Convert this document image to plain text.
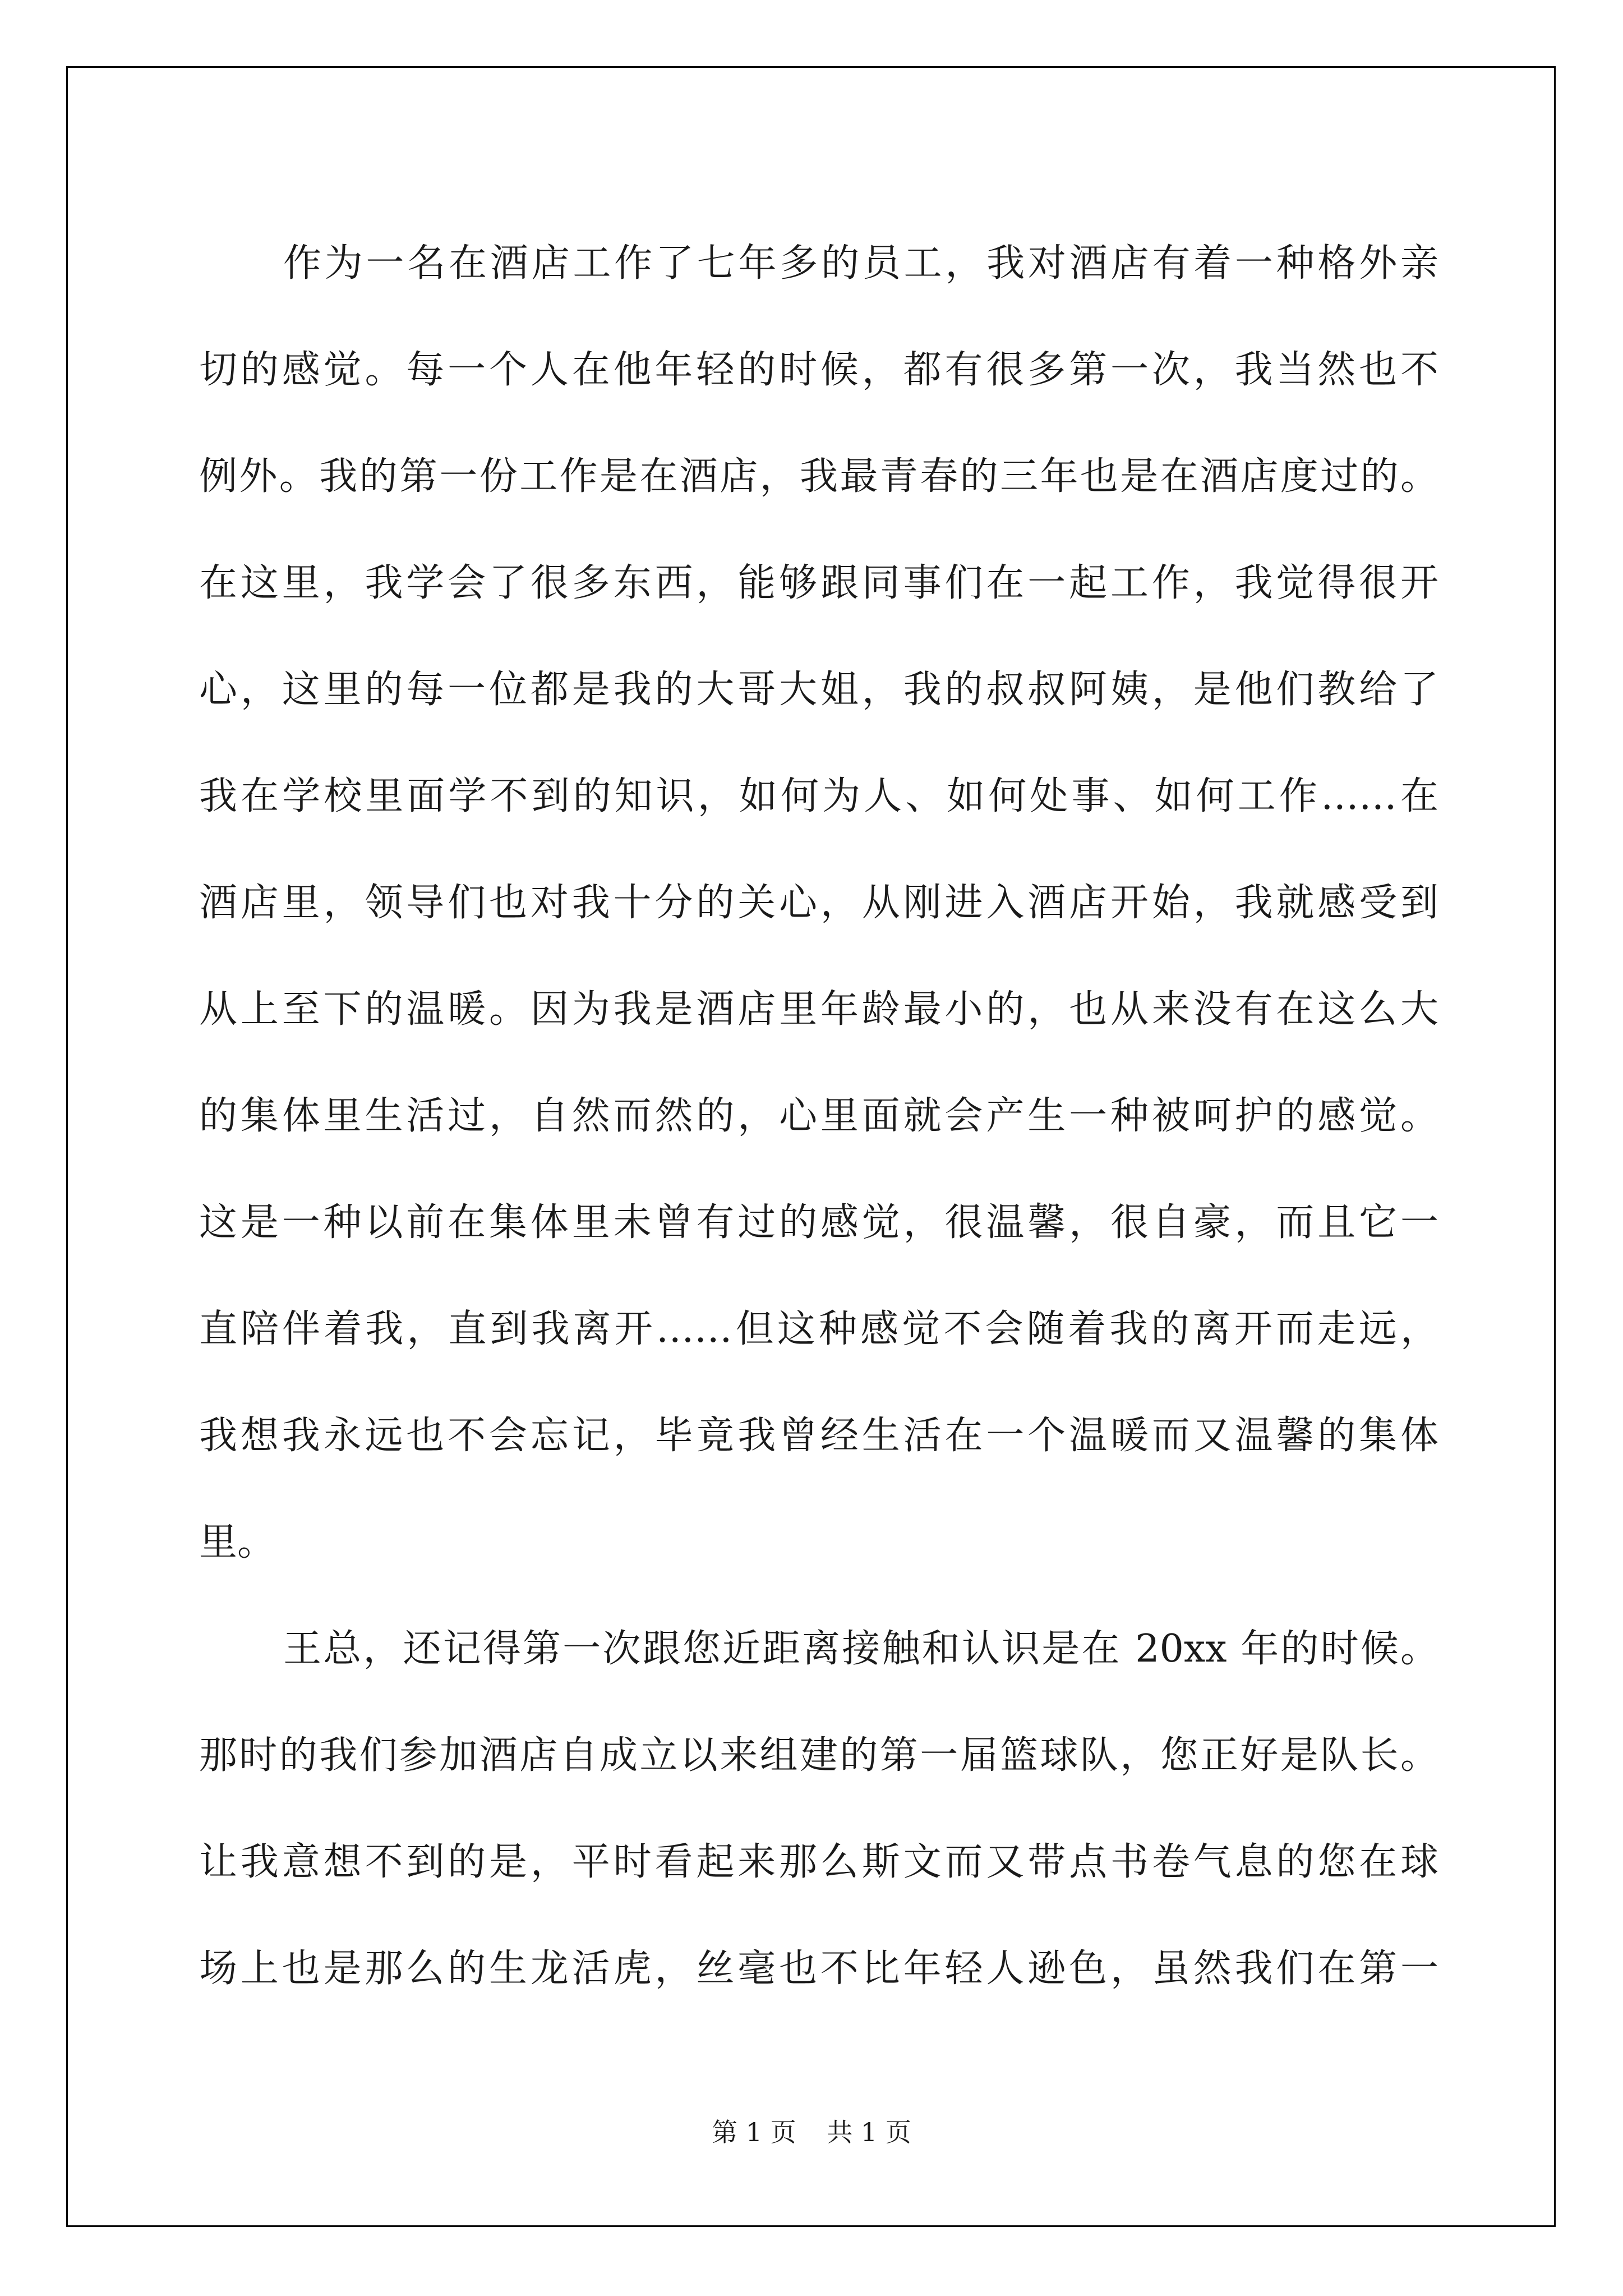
作为一名在酒店工作了七年多的员工，我对酒店有着一种格外亲
切的感觉。每一个人在他年轻的时候，都有很多第一次，我当然也不
例外。我的第一份工作是在酒店，我最青春的三年也是在酒店度过的。
在这里，我学会了很多东西，能够跟同事们在一起工作，我觉得很开
心，这里的每一位都是我的大哥大姐，我的叔叔阿姨，是他们教给了
我在学校里面学不到的知识，如何为人、如何处事、如何工作……在
酒店里，领导们也对我十分的关心，从刚进入酒店开始，我就感受到
从上至下的温暖。因为我是酒店里年龄最小的，也从来没有在这么大
的集体里生活过，自然而然的，心里面就会产生一种被呵护的感觉。
这是一种以前在集体里未曾有过的感觉，很温馨，很自豪，而且它一
直陪伴着我，直到我离开……但这种感觉不会随着我的离开而走远，
我想我永远也不会忘记，毕竟我曾经生活在一个温暖而又温馨的集体
里。
王总，还记得第一次跟您近距离接触和认识是在 20xx 年的时候。
那时的我们参加酒店自成立以来组建的第一届篮球队，您正好是队长。
让我意想不到的是，平时看起来那么斯文而又带点书卷气息的您在球
场上也是那么的生龙活虎，丝毫也不比年轻人逊色，虽然我们在第一
第 1 页 共 1 页
